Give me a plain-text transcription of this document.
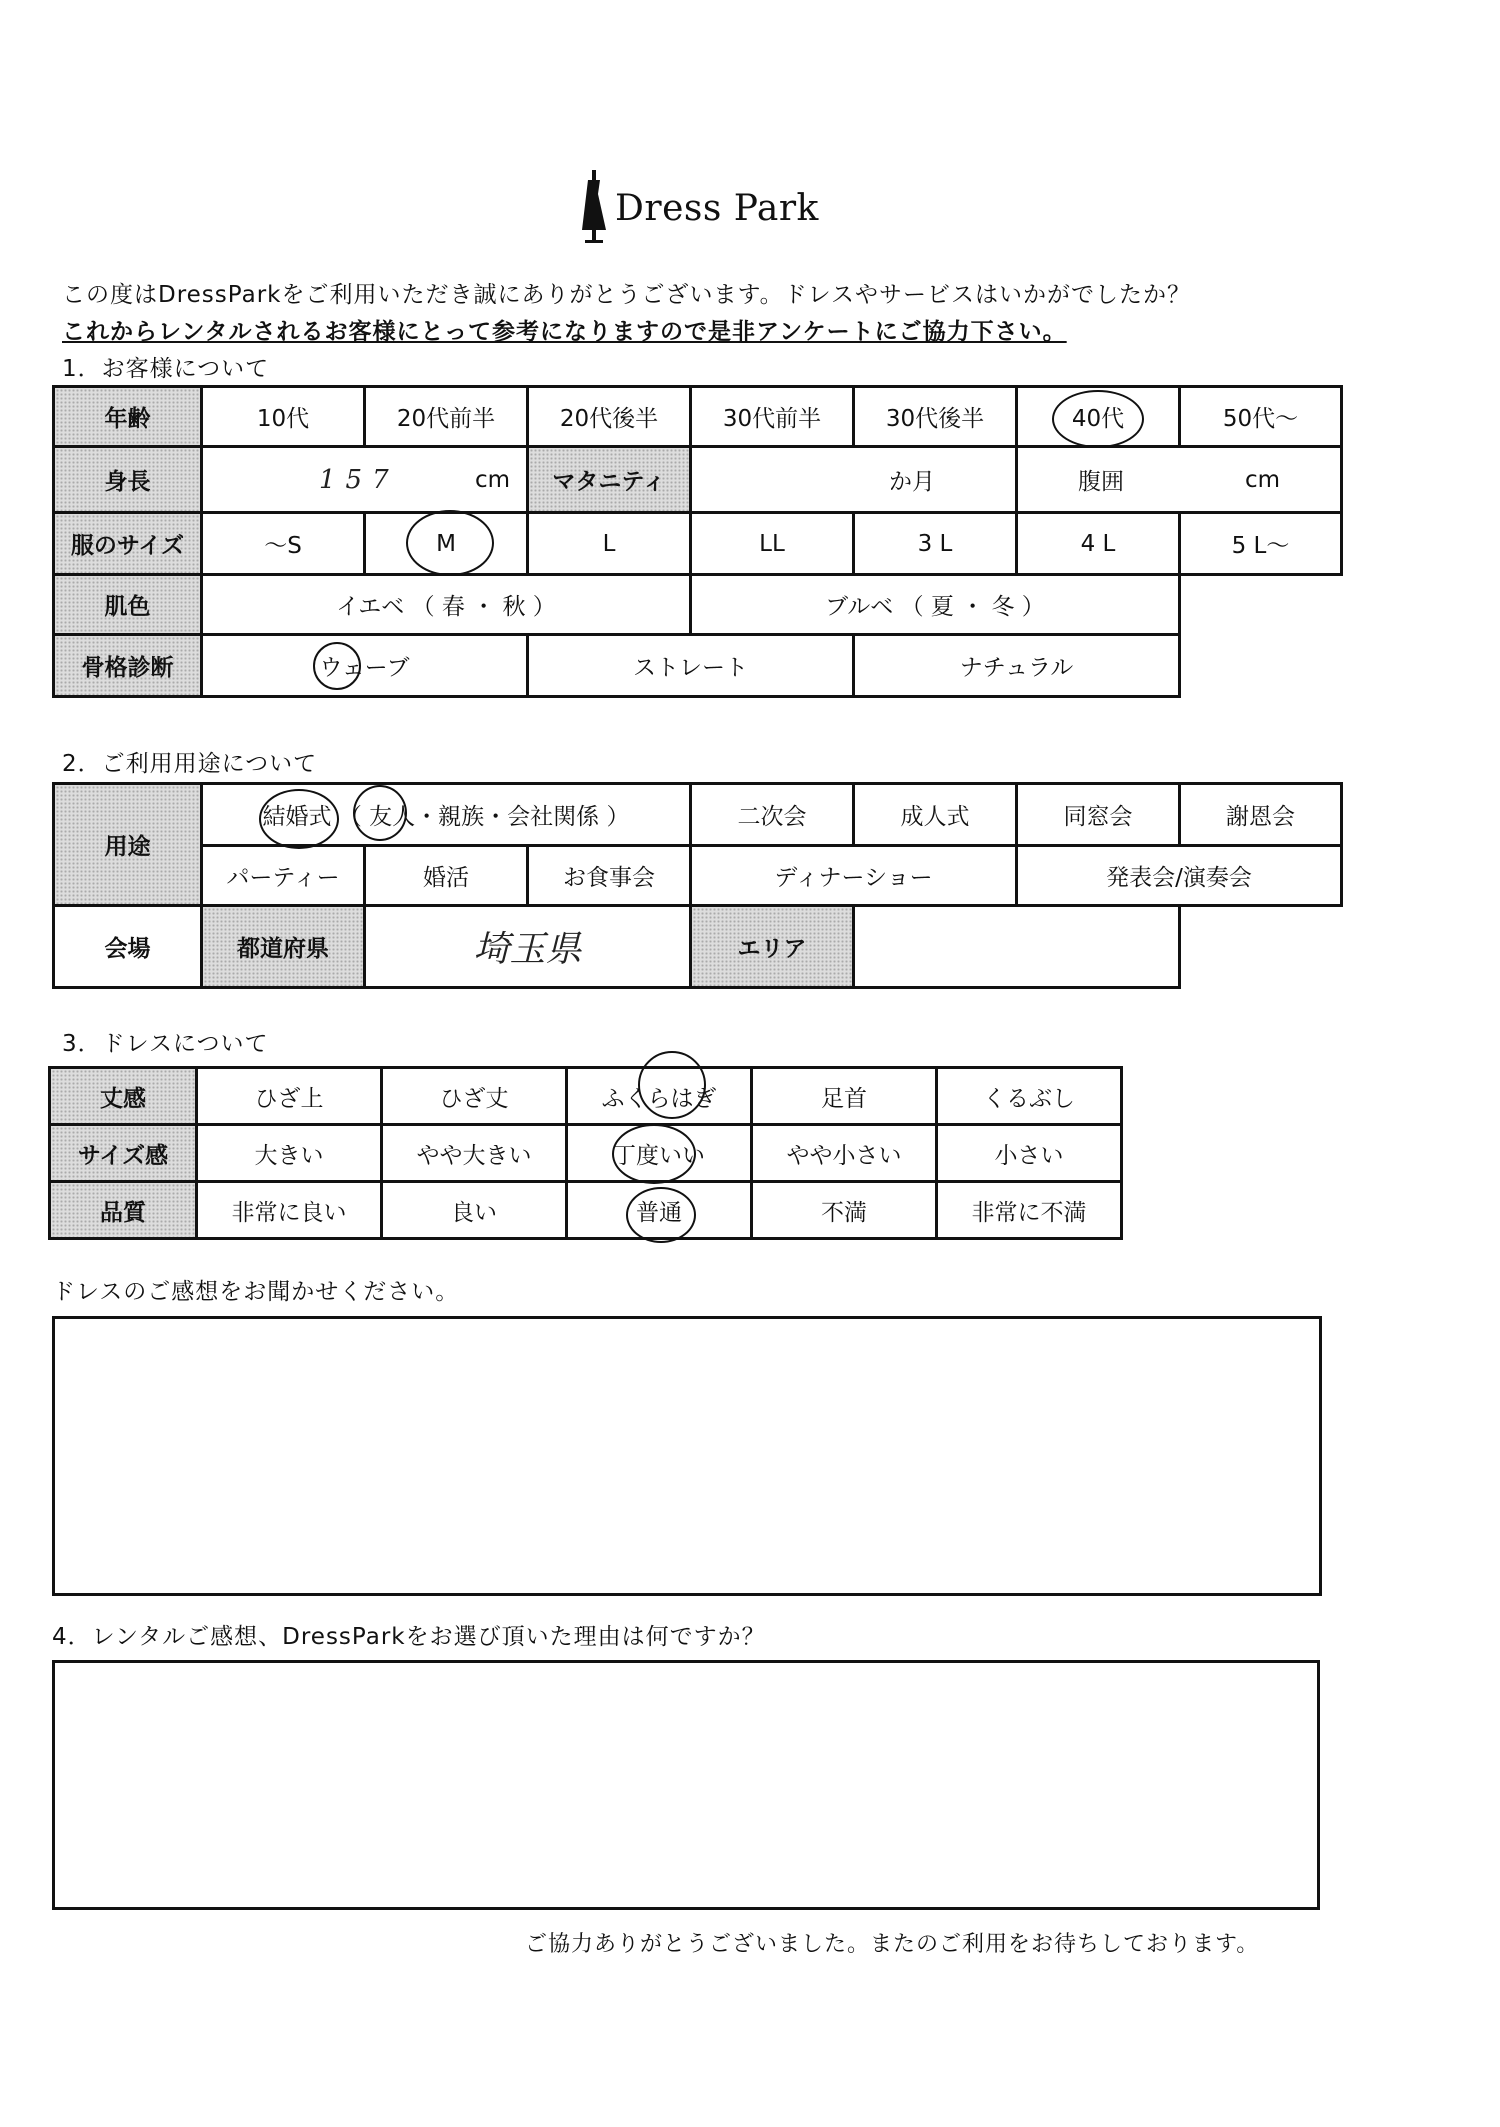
Dress Park
この度はDressParkをご利用いただき誠にありがとうございます。ドレスやサービスはいかがでしたか？
これからレンタルされるお客様にとって参考になりますので是非アンケートにご協力下さい。
1．お客様について
年齢	10代	20代前半	20代後半	30代前半	30代後半	40代	50代～
身長	157 cm		マタニティ	か月		腹囲 cm	

服のサイズ	～S	M	L	LL	3 L	4 L	5 L～
肌色	イエベ （ 春 ・ 秋 ）			ブルベ （ 夏 ・ 冬 ）			
骨格診断	ウェーブ		ストレート		ナチュラル		
2．ご利用用途について
用途	結婚式 （ 友人・親族・会社関係 ）			二次会	成人式	同窓会	謝恩会
	パーティー	婚活	お食事会	ディナーショー		発表会/演奏会	
会場	都道府県	埼玉県		エリア			
3．ドレスについて
丈感	ひざ上	ひざ丈	ふくらはぎ	足首	くるぶし
サイズ感	大きい	やや大きい	丁度いい	やや小さい	小さい
品質	非常に良い	良い	普通	不満	非常に不満
ドレスのご感想をお聞かせください。
4．レンタルご感想、DressParkをお選び頂いた理由は何ですか？
ご協力ありがとうございました。またのご利用をお待ちしております。
